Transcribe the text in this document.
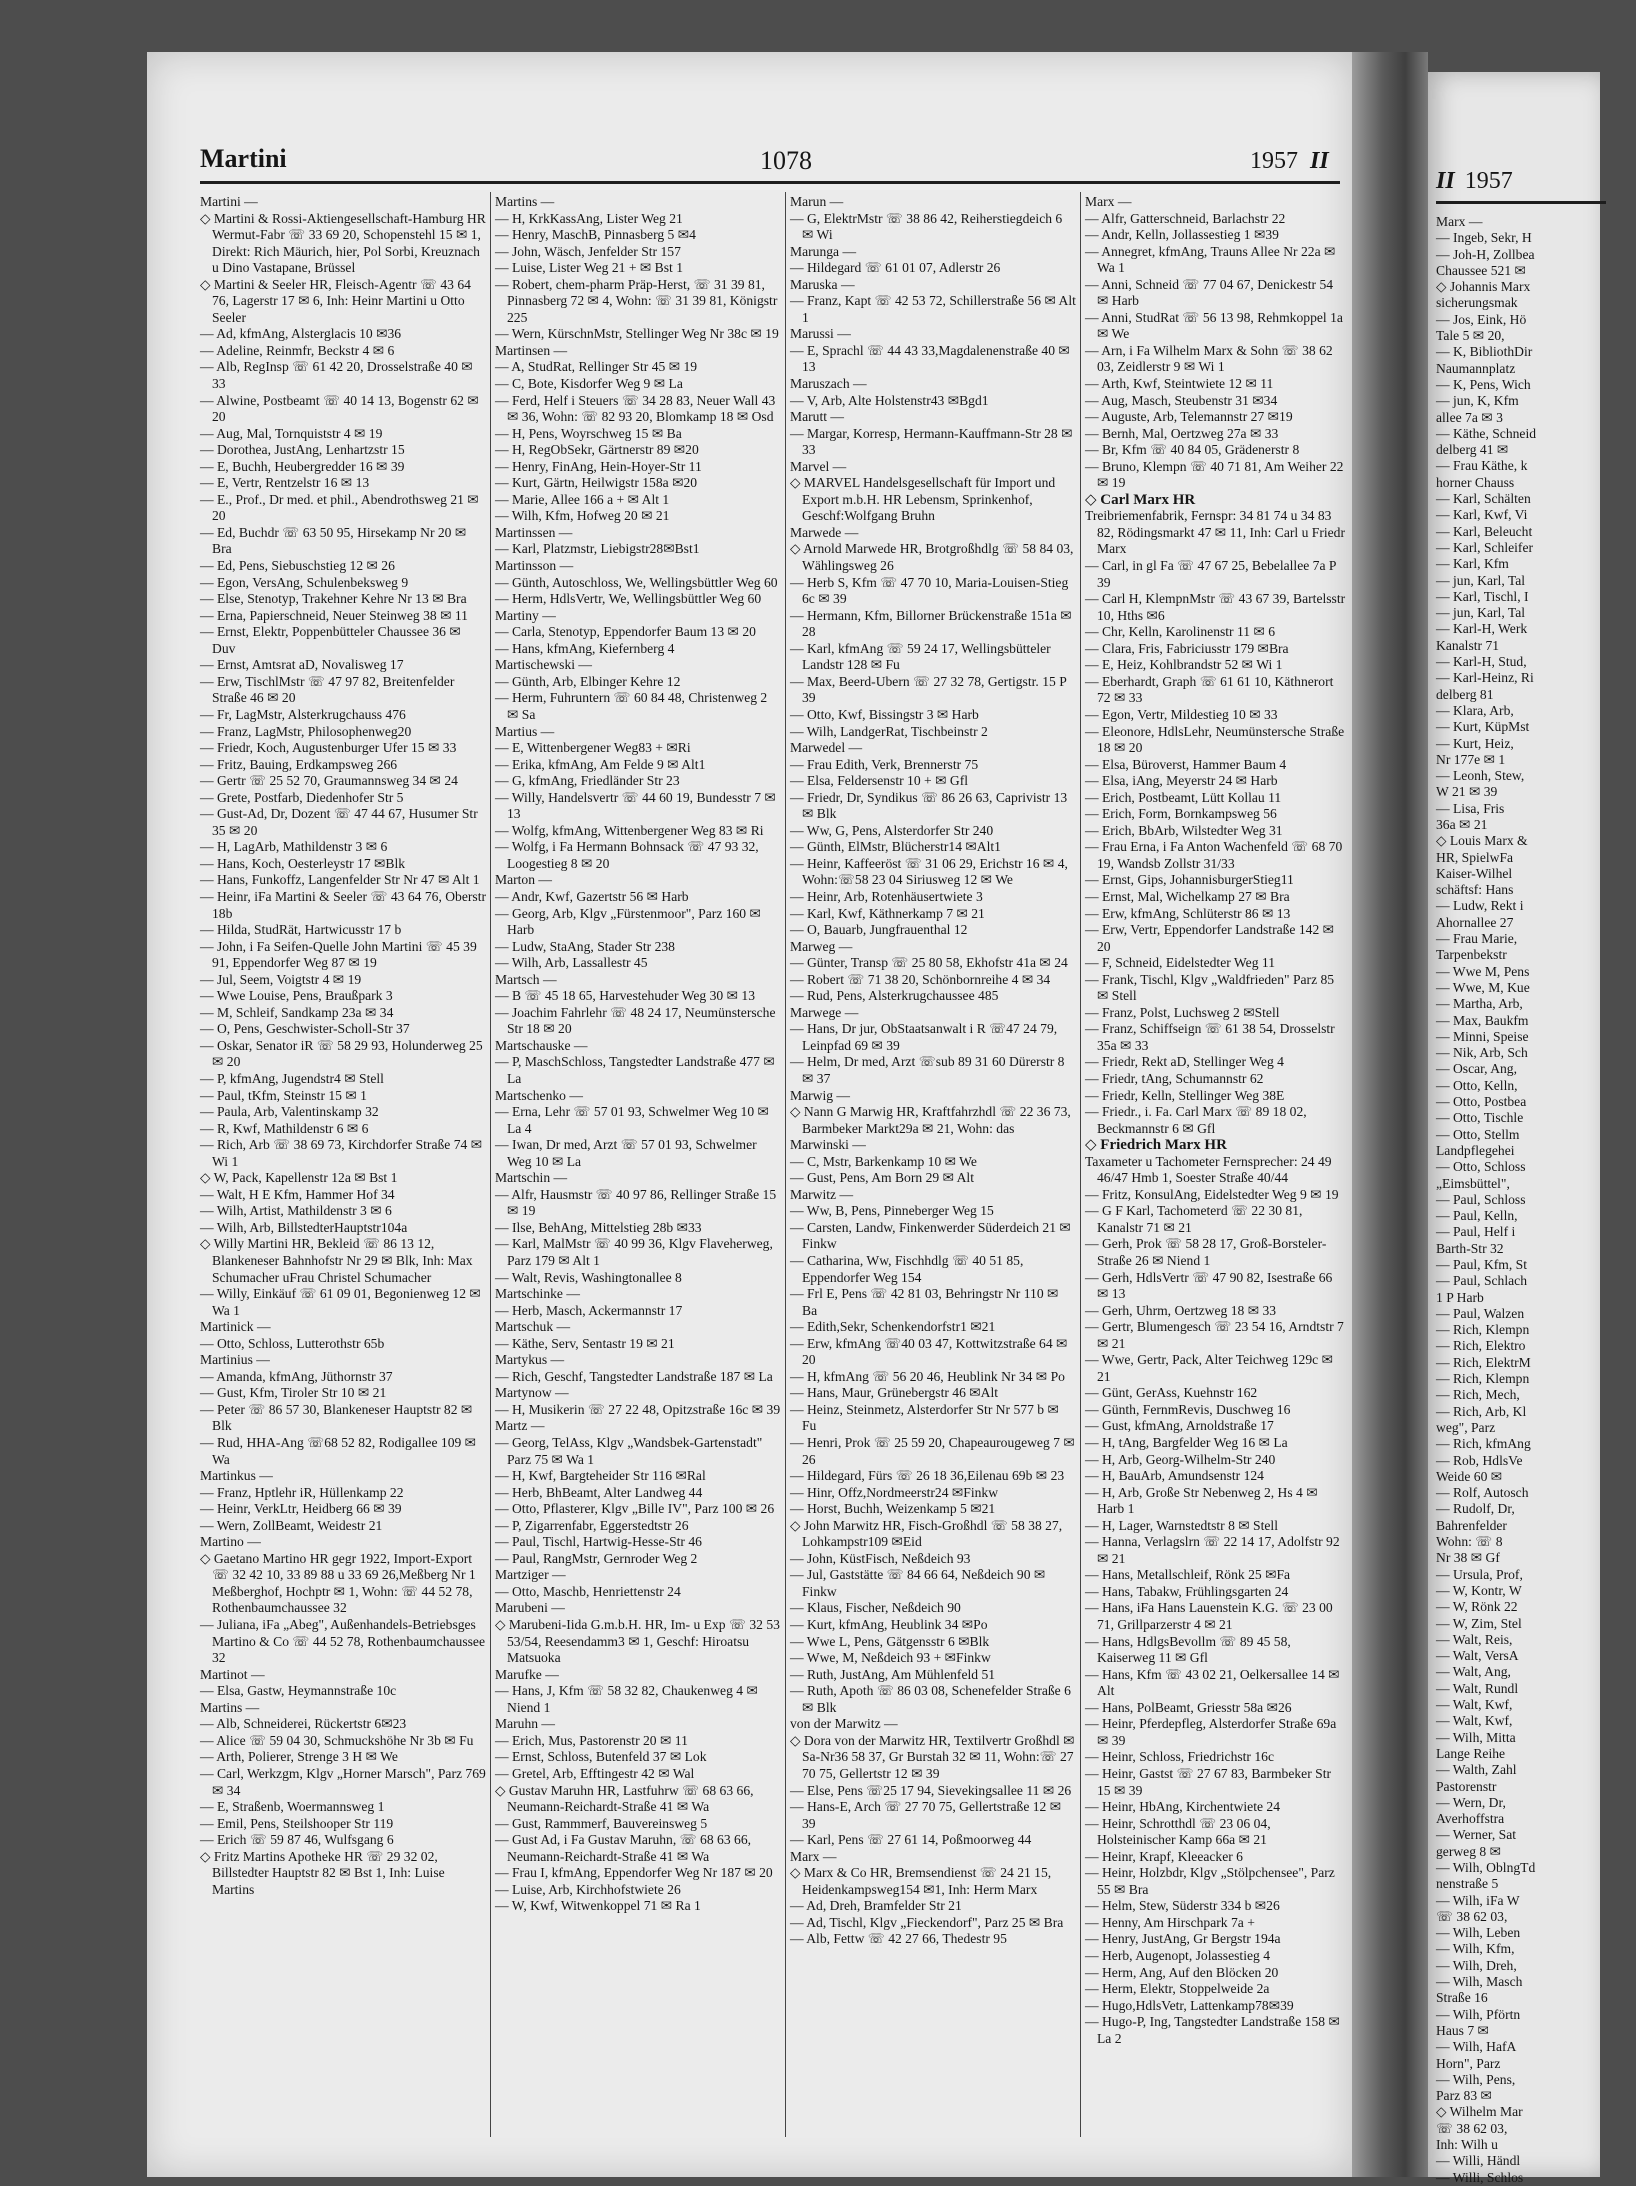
Martini	1078	1957 II
Martini —
◇ Martini & Rossi-Aktiengesellschaft-Hamburg HR Wermut-Fabr ☏ 33 69 20, Schopenstehl 15 ✉ 1, Direkt: Rich Mäurich, hier, Pol Sorbi, Kreuznach u Dino Vastapane, Brüssel
◇ Martini & Seeler HR, Fleisch-Agentr ☏ 43 64 76, Lagerstr 17 ✉ 6, Inh: Heinr Martini u Otto Seeler
— Ad, kfmAng, Alsterglacis 10 ✉36
— Adeline, Reinmfr, Beckstr 4 ✉ 6
— Alb, RegInsp ☏ 61 42 20, Drosselstraße 40 ✉ 33
— Alwine, Postbeamt ☏ 40 14 13, Bogenstr 62 ✉ 20
— Aug, Mal, Tornquiststr 4 ✉ 19
— Dorothea, JustAng, Lenhartzstr 15
— E, Buchh, Heubergredder 16 ✉ 39
— E, Vertr, Rentzelstr 16 ✉ 13
— E., Prof., Dr med. et phil., Abendrothsweg 21 ✉ 20
— Ed, Buchdr ☏ 63 50 95, Hirsekamp Nr 20 ✉ Bra
— Ed, Pens, Siebuschstieg 12 ✉ 26
— Egon, VersAng, Schulenbeksweg 9
— Else, Stenotyp, Trakehner Kehre Nr 13 ✉ Bra
— Erna, Papierschneid, Neuer Steinweg 38 ✉ 11
— Ernst, Elektr, Poppenbütteler Chaussee 36 ✉ Duv
— Ernst, Amtsrat aD, Novalisweg 17
— Erw, TischlMstr ☏ 47 97 82, Breitenfelder Straße 46 ✉ 20
— Fr, LagMstr, Alsterkrugchauss 476
— Franz, LagMstr, Philosophenweg20
— Friedr, Koch, Augustenburger Ufer 15 ✉ 33
— Fritz, Bauing, Erdkampsweg 266
— Gertr ☏ 25 52 70, Graumannsweg 34 ✉ 24
— Grete, Postfarb, Diedenhofer Str 5
— Gust-Ad, Dr, Dozent ☏ 47 44 67, Husumer Str 35 ✉ 20
— H, LagArb, Mathildenstr 3 ✉ 6
— Hans, Koch, Oesterleystr 17 ✉Blk
— Hans, Funkoffz, Langenfelder Str Nr 47 ✉ Alt 1
— Heinr, iFa Martini & Seeler ☏ 43 64 76, Oberstr 18b
— Hilda, StudRät, Hartwicusstr 17 b
— John, i Fa Seifen-Quelle John Martini ☏ 45 39 91, Eppendorfer Weg 87 ✉ 19
— Jul, Seem, Voigtstr 4 ✉ 19
— Wwe Louise, Pens, Braußpark 3
— M, Schleif, Sandkamp 23a ✉ 34
— O, Pens, Geschwister-Scholl-Str 37
— Oskar, Senator iR ☏ 58 29 93, Holunderweg 25 ✉ 20
— P, kfmAng, Jugendstr4 ✉ Stell
— Paul, tKfm, Steinstr 15 ✉ 1
— Paula, Arb, Valentinskamp 32
— R, Kwf, Mathildenstr 6 ✉ 6
— Rich, Arb ☏ 38 69 73, Kirchdorfer Straße 74 ✉ Wi 1
◇ W, Pack, Kapellenstr 12a ✉ Bst 1
— Walt, H E Kfm, Hammer Hof 34
— Wilh, Artist, Mathildenstr 3 ✉ 6
— Wilh, Arb, BillstedterHauptstr104a
◇ Willy Martini HR, Bekleid ☏ 86 13 12, Blankeneser Bahnhofstr Nr 29 ✉ Blk, Inh: Max Schumacher uFrau Christel Schumacher
— Willy, Einkäuf ☏ 61 09 01, Begonienweg 12 ✉ Wa 1
Martinick —
— Otto, Schloss, Lutterothstr 65b
Martinius —
— Amanda, kfmAng, Jüthornstr 37
— Gust, Kfm, Tiroler Str 10 ✉ 21
— Peter ☏ 86 57 30, Blankeneser Hauptstr 82 ✉ Blk
— Rud, HHA-Ang ☏68 52 82, Rodigallee 109 ✉ Wa
Martinkus —
— Franz, Hptlehr iR, Hüllenkamp 22
— Heinr, VerkLtr, Heidberg 66 ✉ 39
— Wern, ZollBeamt, Weidestr 21
Martino —
◇ Gaetano Martino HR gegr 1922, Import-Export ☏ 32 42 10, 33 89 88 u 33 69 26,Meßberg Nr 1 Meßberghof, Hochptr ✉ 1, Wohn: ☏ 44 52 78, Rothenbaumchaussee 32
— Juliana, iFa „Abeg", Außenhandels-Betriebsges Martino & Co ☏ 44 52 78, Rothenbaumchaussee 32
Martinot —
— Elsa, Gastw, Heymannstraße 10c
Martins —
— Alb, Schneiderei, Rückertstr 6✉23
— Alice ☏ 59 04 30, Schmuckshöhe Nr 3b ✉ Fu
— Arth, Polierer, Strenge 3 H ✉ We
— Carl, Werkzgm, Klgv „Horner Marsch", Parz 769 ✉ 34
— E, Straßenb, Woermannsweg 1
— Emil, Pens, Steilshooper Str 119
— Erich ☏ 59 87 46, Wulfsgang 6
◇ Fritz Martins Apotheke HR ☏ 29 32 02, Billstedter Hauptstr 82 ✉ Bst 1, Inh: Luise Martins
Martins —
— H, KrkKassAng, Lister Weg 21
— Henry, MaschB, Pinnasberg 5 ✉4
— John, Wäsch, Jenfelder Str 157
— Luise, Lister Weg 21 + ✉ Bst 1
— Robert, chem-pharm Präp-Herst, ☏ 31 39 81, Pinnasberg 72 ✉ 4, Wohn: ☏ 31 39 81, Königstr 225
— Wern, KürschnMstr, Stellinger Weg Nr 38c ✉ 19
Martinsen —
— A, StudRat, Rellinger Str 45 ✉ 19
— C, Bote, Kisdorfer Weg 9 ✉ La
— Ferd, Helf i Steuers ☏ 34 28 83, Neuer Wall 43 ✉ 36, Wohn: ☏ 82 93 20, Blomkamp 18 ✉ Osd
— H, Pens, Woyrschweg 15 ✉ Ba
— H, RegObSekr, Gärtnerstr 89 ✉20
— Henry, FinAng, Hein-Hoyer-Str 11
— Kurt, Gärtn, Heilwigstr 158a ✉20
— Marie, Allee 166 a + ✉ Alt 1
— Wilh, Kfm, Hofweg 20 ✉ 21
Martinssen —
— Karl, Platzmstr, Liebigstr28✉Bst1
Martinsson —
— Günth, Autoschloss, We, Wellingsbüttler Weg 60
— Herm, HdlsVertr, We, Wellingsbüttler Weg 60
Martiny —
— Carla, Stenotyp, Eppendorfer Baum 13 ✉ 20
— Hans, kfmAng, Kiefernberg 4
Martischewski —
— Günth, Arb, Elbinger Kehre 12
— Herm, Fuhruntern ☏ 60 84 48, Christenweg 2 ✉ Sa
Martius —
— E, Wittenbergener Weg83 + ✉Ri
— Erika, kfmAng, Am Felde 9 ✉ Alt1
— G, kfmAng, Friedländer Str 23
— Willy, Handelsvertr ☏ 44 60 19, Bundesstr 7 ✉ 13
— Wolfg, kfmAng, Wittenbergener Weg 83 ✉ Ri
— Wolfg, i Fa Hermann Bohnsack ☏ 47 93 32, Loogestieg 8 ✉ 20
Marton —
— Andr, Kwf, Gazertstr 56 ✉ Harb
— Georg, Arb, Klgv „Fürstenmoor", Parz 160 ✉ Harb
— Ludw, StaAng, Stader Str 238
— Wilh, Arb, Lassallestr 45
Martsch —
— B ☏ 45 18 65, Harvestehuder Weg 30 ✉ 13
— Joachim Fahrlehr ☏ 48 24 17, Neumünstersche Str 18 ✉ 20
Martschauske —
— P, MaschSchloss, Tangstedter Landstraße 477 ✉ La
Martschenko —
— Erna, Lehr ☏ 57 01 93, Schwelmer Weg 10 ✉ La 4
— Iwan, Dr med, Arzt ☏ 57 01 93, Schwelmer Weg 10 ✉ La
Martschin —
— Alfr, Hausmstr ☏ 40 97 86, Rellinger Straße 15 ✉ 19
— Ilse, BehAng, Mittelstieg 28b ✉33
— Karl, MalMstr ☏ 40 99 36, Klgv Flaveherweg, Parz 179 ✉ Alt 1
— Walt, Revis, Washingtonallee 8
Martschinke —
— Herb, Masch, Ackermannstr 17
Martschuk —
— Käthe, Serv, Sentastr 19 ✉ 21
Martykus —
— Rich, Geschf, Tangstedter Landstraße 187 ✉ La
Martynow —
— H, Musikerin ☏ 27 22 48, Opitzstraße 16c ✉ 39
Martz —
— Georg, TelAss, Klgv „Wandsbek-Gartenstadt" Parz 75 ✉ Wa 1
— H, Kwf, Bargteheider Str 116 ✉Ral
— Herb, BhBeamt, Alter Landweg 44
— Otto, Pflasterer, Klgv „Bille IV", Parz 100 ✉ 26
— P, Zigarrenfabr, Eggerstedtstr 26
— Paul, Tischl, Hartwig-Hesse-Str 46
— Paul, RangMstr, Gernroder Weg 2
Martziger —
— Otto, Maschb, Henriettenstr 24
Marubeni —
◇ Marubeni-Iida G.m.b.H. HR, Im- u Exp ☏ 32 53 53/54, Reesendamm3 ✉ 1, Geschf: Hiroatsu Matsuoka
Marufke —
— Hans, J, Kfm ☏ 58 32 82, Chaukenweg 4 ✉ Niend 1
Maruhn —
— Erich, Mus, Pastorenstr 20 ✉ 11
— Ernst, Schloss, Butenfeld 37 ✉ Lok
— Gretel, Arb, Efftingestr 42 ✉ Wal
◇ Gustav Maruhn HR, Lastfuhrw ☏ 68 63 66, Neumann-Reichardt-Straße 41 ✉ Wa
— Gust, Rammmerf, Bauvereinsweg 5
— Gust Ad, i Fa Gustav Maruhn, ☏ 68 63 66, Neumann-Reichardt-Straße 41 ✉ Wa
— Frau I, kfmAng, Eppendorfer Weg Nr 187 ✉ 20
— Luise, Arb, Kirchhofstwiete 26
— W, Kwf, Witwenkoppel 71 ✉ Ra 1
Marun —
— G, ElektrMstr ☏ 38 86 42, Reiherstiegdeich 6 ✉ Wi
Marunga —
— Hildegard ☏ 61 01 07, Adlerstr 26
Maruska —
— Franz, Kapt ☏ 42 53 72, Schillerstraße 56 ✉ Alt 1
Marussi —
— E, Sprachl ☏ 44 43 33,Magdalenenstraße 40 ✉ 13
Maruszach —
— V, Arb, Alte Holstenstr43 ✉Bgd1
Marutt —
— Margar, Korresp, Hermann-Kauffmann-Str 28 ✉ 33
Marvel —
◇ MARVEL Handelsgesellschaft für Import und Export m.b.H. HR Lebensm, Sprinkenhof, Geschf:Wolfgang Bruhn
Marwede —
◇ Arnold Marwede HR, Brotgroßhdlg ☏ 58 84 03, Wählingsweg 26
— Herb S, Kfm ☏ 47 70 10, Maria-Louisen-Stieg 6c ✉ 39
— Hermann, Kfm, Billorner Brückenstraße 151a ✉ 28
— Karl, kfmAng ☏ 59 24 17, Wellingsbütteler Landstr 128 ✉ Fu
— Max, Beerd-Ubern ☏ 27 32 78, Gertigstr. 15 P 39
— Otto, Kwf, Bissingstr 3 ✉ Harb
— Wilh, LandgerRat, Tischbeinstr 2
Marwedel —
— Frau Edith, Verk, Brennerstr 75
— Elsa, Feldersenstr 10 + ✉ Gfl
— Friedr, Dr, Syndikus ☏ 86 26 63, Caprivistr 13 ✉ Blk
— Ww, G, Pens, Alsterdorfer Str 240
— Günth, ElMstr, Blücherstr14 ✉Alt1
— Heinr, Kaffeeröst ☏ 31 06 29, Erichstr 16 ✉ 4, Wohn:☏58 23 04 Siriusweg 12 ✉ We
— Heinr, Arb, Rotenhäusertwiete 3
— Karl, Kwf, Käthnerkamp 7 ✉ 21
— O, Bauarb, Jungfrauenthal 12
Marweg —
— Günter, Transp ☏ 25 80 58, Ekhofstr 41a ✉ 24
— Robert ☏ 71 38 20, Schönbornreihe 4 ✉ 34
— Rud, Pens, Alsterkrugchaussee 485
Marwege —
— Hans, Dr jur, ObStaatsanwalt i R ☏47 24 79, Leinpfad 69 ✉ 39
— Helm, Dr med, Arzt ☏sub 89 31 60 Dürerstr 8 ✉ 37
Marwig —
◇ Nann G Marwig HR, Kraftfahrzhdl ☏ 22 36 73, Barmbeker Markt29a ✉ 21, Wohn: das
Marwinski —
— C, Mstr, Barkenkamp 10 ✉ We
— Gust, Pens, Am Born 29 ✉ Alt
Marwitz —
— Ww, B, Pens, Pinneberger Weg 15
— Carsten, Landw, Finkenwerder Süderdeich 21 ✉Finkw
— Catharina, Ww, Fischhdlg ☏ 40 51 85, Eppendorfer Weg 154
— Frl E, Pens ☏ 42 81 03, Behringstr Nr 110 ✉ Ba
— Edith,Sekr, Schenkendorfstr1 ✉21
— Erw, kfmAng ☏40 03 47, Kottwitzstraße 64 ✉ 20
— H, kfmAng ☏ 56 20 46, Heublink Nr 34 ✉ Po
— Hans, Maur, Grünebergstr 46 ✉Alt
— Heinz, Steinmetz, Alsterdorfer Str Nr 577 b ✉ Fu
— Henri, Prok ☏ 25 59 20, Chapeaurougeweg 7 ✉ 26
— Hildegard, Fürs ☏ 26 18 36,Eilenau 69b ✉ 23
— Hinr, Offz,Nordmeerstr24 ✉Finkw
— Horst, Buchh, Weizenkamp 5 ✉21
◇ John Marwitz HR, Fisch-Großhdl ☏ 58 38 27, Lohkampstr109 ✉Eid
— John, KüstFisch, Neßdeich 93
— Jul, Gaststätte ☏ 84 66 64, Neßdeich 90 ✉ Finkw
— Klaus, Fischer, Neßdeich 90
— Kurt, kfmAng, Heublink 34 ✉Po
— Wwe L, Pens, Gätgensstr 6 ✉Blk
— Wwe, M, Neßdeich 93 + ✉Finkw
— Ruth, JustAng, Am Mühlenfeld 51
— Ruth, Apoth ☏ 86 03 08, Schenefelder Straße 6 ✉ Blk
von der Marwitz —
◇ Dora von der Marwitz HR, Textilvertr Großhdl ✉ Sa-Nr36 58 37, Gr Burstah 32 ✉ 11, Wohn:☏ 27 70 75, Gellertstr 12 ✉ 39
— Else, Pens ☏25 17 94, Sievekingsallee 11 ✉ 26
— Hans-E, Arch ☏ 27 70 75, Gellertstraße 12 ✉ 39
— Karl, Pens ☏ 27 61 14, Poßmoorweg 44
Marx —
◇ Marx & Co HR, Bremsendienst ☏ 24 21 15, Heidenkampsweg154 ✉1, Inh: Herm Marx
— Ad, Dreh, Bramfelder Str 21
— Ad, Tischl, Klgv „Fieckendorf", Parz 25 ✉ Bra
— Alb, Fettw ☏ 42 27 66, Thedestr 95
Marx —
— Alfr, Gatterschneid, Barlachstr 22
— Andr, Kelln, Jollassestieg 1 ✉39
— Annegret, kfmAng, Trauns Allee Nr 22a ✉ Wa 1
— Anni, Schneid ☏ 77 04 67, Denickestr 54 ✉ Harb
— Anni, StudRat ☏ 56 13 98, Rehmkoppel 1a ✉ We
— Arn, i Fa Wilhelm Marx & Sohn ☏ 38 62 03, Zeidlerstr 9 ✉ Wi 1
— Arth, Kwf, Steintwiete 12 ✉ 11
— Aug, Masch, Steubenstr 31 ✉34
— Auguste, Arb, Telemannstr 27 ✉19
— Bernh, Mal, Oertzweg 27a ✉ 33
— Br, Kfm ☏ 40 84 05, Grädenerstr 8
— Bruno, Klempn ☏ 40 71 81, Am Weiher 22 ✉ 19
◇ Carl Marx HR
Treibriemenfabrik, Fernspr: 34 81 74 u 34 83 82, Rödingsmarkt 47 ✉ 11, Inh: Carl u Friedr Marx
— Carl, in gl Fa ☏ 47 67 25, Bebelallee 7a P 39
— Carl H, KlempnMstr ☏ 43 67 39, Bartelsstr 10, Hths ✉6
— Chr, Kelln, Karolinenstr 11 ✉ 6
— Clara, Fris, Fabriciusstr 179 ✉Bra
— E, Heiz, Kohlbrandstr 52 ✉ Wi 1
— Eberhardt, Graph ☏ 61 61 10, Käthnerort 72 ✉ 33
— Egon, Vertr, Mildestieg 10 ✉ 33
— Eleonore, HdlsLehr, Neumünstersche Straße 18 ✉ 20
— Elsa, Büroverst, Hammer Baum 4
— Elsa, iAng, Meyerstr 24 ✉ Harb
— Erich, Postbeamt, Lütt Kollau 11
— Erich, Form, Bornkampsweg 56
— Erich, BbArb, Wilstedter Weg 31
— Frau Erna, i Fa Anton Wachenfeld ☏ 68 70 19, Wandsb Zollstr 31/33
— Ernst, Gips, JohannisburgerStieg11
— Ernst, Mal, Wichelkamp 27 ✉ Bra
— Erw, kfmAng, Schlüterstr 86 ✉ 13
— Erw, Vertr, Eppendorfer Landstraße 142 ✉ 20
— F, Schneid, Eidelstedter Weg 11
— Frank, Tischl, Klgv „Waldfrieden" Parz 85 ✉ Stell
— Franz, Polst, Luchsweg 2 ✉Stell
— Franz, Schiffseign ☏ 61 38 54, Drosselstr 35a ✉ 33
— Friedr, Rekt aD, Stellinger Weg 4
— Friedr, tAng, Schumannstr 62
— Friedr, Kelln, Stellinger Weg 38E
— Friedr., i. Fa. Carl Marx ☏ 89 18 02, Beckmannstr 6 ✉ Gfl
◇ Friedrich Marx HR
Taxameter u Tachometer Fernsprecher: 24 49 46/47 Hmb 1, Soester Straße 40/44
— Fritz, KonsulAng, Eidelstedter Weg 9 ✉ 19
— G F Karl, Tachometerd ☏ 22 30 81, Kanalstr 71 ✉ 21
— Gerh, Prok ☏ 58 28 17, Groß-Borsteler-Straße 26 ✉ Niend 1
— Gerh, HdlsVertr ☏ 47 90 82, Isestraße 66 ✉ 13
— Gerh, Uhrm, Oertzweg 18 ✉ 33
— Gertr, Blumengesch ☏ 23 54 16, Arndtstr 7 ✉ 21
— Wwe, Gertr, Pack, Alter Teichweg 129c ✉ 21
— Günt, GerAss, Kuehnstr 162
— Günth, FernmRevis, Duschweg 16
— Gust, kfmAng, Arnoldstraße 17
— H, tAng, Bargfelder Weg 16 ✉ La
— H, Arb, Georg-Wilhelm-Str 240
— H, BauArb, Amundsenstr 124
— H, Arb, Große Str Nebenweg 2, Hs 4 ✉ Harb 1
— H, Lager, Warnstedtstr 8 ✉ Stell
— Hanna, Verlagslrn ☏ 22 14 17, Adolfstr 92 ✉ 21
— Hans, Metallschleif, Rönk 25 ✉Fa
— Hans, Tabakw, Frühlingsgarten 24
— Hans, iFa Hans Lauenstein K.G. ☏ 23 00 71, Grillparzerstr 4 ✉ 21
— Hans, HdlgsBevollm ☏ 89 45 58, Kaiserweg 11 ✉ Gfl
— Hans, Kfm ☏ 43 02 21, Oelkersallee 14 ✉ Alt
— Hans, PolBeamt, Griesstr 58a ✉26
— Heinr, Pferdepfleg, Alsterdorfer Straße 69a ✉ 39
— Heinr, Schloss, Friedrichstr 16c
— Heinr, Gastst ☏ 27 67 83, Barmbeker Str 15 ✉ 39
— Heinr, HbAng, Kirchentwiete 24
— Heinr, Schrotthdl ☏ 23 06 04, Holsteinischer Kamp 66a ✉ 21
— Heinr, Krapf, Kleeacker 6
— Heinr, Holzbdr, Klgv „Stölpchensee", Parz 55 ✉ Bra
— Helm, Stew, Süderstr 334 b ✉26
— Henny, Am Hirschpark 7a +
— Henry, JustAng, Gr Bergstr 194a
— Herb, Augenopt, Jolassestieg 4
— Herm, Ang, Auf den Blöcken 20
— Herm, Elektr, Stoppelweide 2a
— Hugo,HdlsVetr, Lattenkamp78✉39
— Hugo-P, Ing, Tangstedter Landstraße 158 ✉ La 2
II 1957
Marx —
— Ingeb, Sekr, H
— Joh-H, Zollbea
Chaussee 521 ✉
◇ Johannis Marx
sicherungsmak
— Jos, Eink, Hö
Tale 5 ✉ 20,
— K, BibliothDir
Naumannplatz
— K, Pens, Wich
— jun, K, Kfm
allee 7a ✉ 3
— Käthe, Schneid
delberg 41 ✉
— Frau Käthe, k
horner Chauss
— Karl, Schälten
— Karl, Kwf, Vi
— Karl, Beleucht
— Karl, Schleifer
— Karl, Kfm
— jun, Karl, Tal
— Karl, Tischl, I
— jun, Karl, Tal
— Karl-H, Werk
Kanalstr 71
— Karl-H, Stud,
— Karl-Heinz, Ri
delberg 81
— Klara, Arb,
— Kurt, KüpMst
— Kurt, Heiz,
Nr 177e ✉ 1
— Leonh, Stew,
W 21 ✉ 39
— Lisa, Fris
36a ✉ 21
◇ Louis Marx &
HR, SpielwFa
Kaiser-Wilhel
schäftsf: Hans
— Ludw, Rekt i
Ahornallee 27
— Frau Marie,
Tarpenbekstr
— Wwe M, Pens
— Wwe, M, Kue
— Martha, Arb,
— Max, Baukfm
— Minni, Speise
— Nik, Arb, Sch
— Oscar, Ang,
— Otto, Kelln,
— Otto, Postbea
— Otto, Tischle
— Otto, Stellm
Landpflegehei
— Otto, Schloss
„Eimsbüttel",
— Paul, Schloss
— Paul, Kelln,
— Paul, Helf i
Barth-Str 32
— Paul, Kfm, St
— Paul, Schlach
1 P Harb
— Paul, Walzen
— Rich, Klempn
— Rich, Elektro
— Rich, ElektrM
— Rich, Klempn
— Rich, Mech,
— Rich, Arb, Kl
weg", Parz
— Rich, kfmAng
— Rob, HdlsVe
Weide 60 ✉
— Rolf, Autosch
— Rudolf, Dr,
Bahrenfelder
Wohn: ☏ 8
Nr 38 ✉ Gf
— Ursula, Prof,
— W, Kontr, W
— W, Rönk 22
— W, Zim, Stel
— Walt, Reis,
— Walt, VersA
— Walt, Ang,
— Walt, Rundl
— Walt, Kwf,
— Walt, Kwf,
— Wilh, Mitta
Lange Reihe
— Walth, Zahl
Pastorenstr
— Wern, Dr,
Averhoffstra
— Werner, Sat
gerweg 8 ✉
— Wilh, OblngTd
nenstraße 5
— Wilh, iFa W
☏ 38 62 03,
— Wilh, Leben
— Wilh, Kfm,
— Wilh, Dreh,
— Wilh, Masch
Straße 16
— Wilh, Pförtn
Haus 7 ✉
— Wilh, HafA
Horn", Parz
— Wilh, Pens,
Parz 83 ✉
◇ Wilhelm Mar
☏ 38 62 03,
Inh: Wilh u
— Willi, Händl
— Willi, Schlos
